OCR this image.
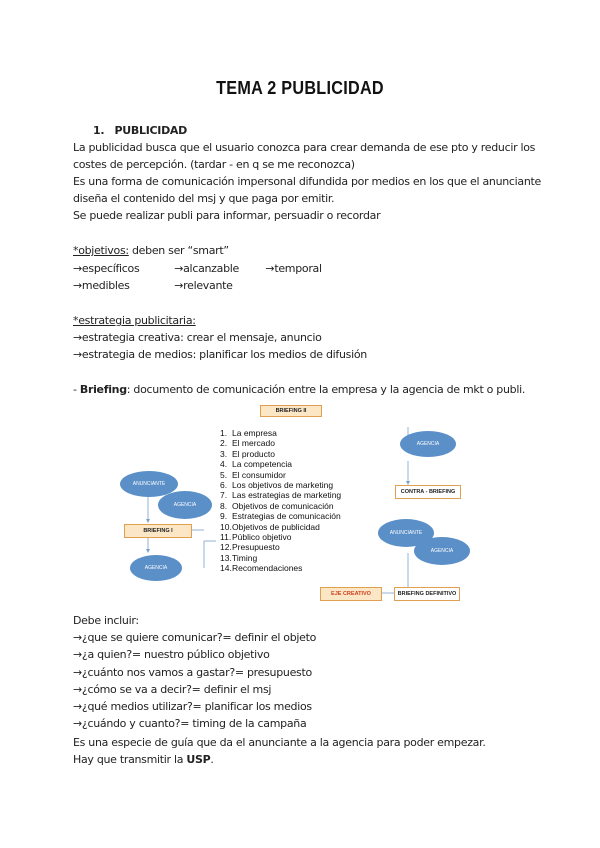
TEMA 2 PUBLICIDAD
1. PUBLICIDAD
La publicidad busca que el usuario conozca para crear demanda de ese pto y reducir los
costes de percepción. (tardar - en q se me reconozca)
Es una forma de comunicación impersonal difundida por medios en los que el anunciante
diseña el contenido del msj y que paga por emitir.
Se puede realizar publi para informar, persuadir o recordar
*objetivos: deben ser “smart”
→específicos	→alcanzable →temporal
→medibles	→relevante
*estrategia publicitaria:
→estrategia creativa: crear el mensaje, anuncio
→estrategia de medios: planificar los medios de difusión
- Briefing: documento de comunicación entre la empresa y la agencia de mkt o publi.
BRIEFING II
1. La empresa
2. El mercado
3. El producto
4. La competencia
5. El consumidor
6. Los objetivos de marketing
7. Las estrategias de marketing
8. Objetivos de comunicación
9. Estrategias de comunicación
10.Objetivos de publicidad
11.Público objetivo
12.Presupuesto
13.Timing
14.Recomendaciones
ANUNCIANTE
AGENCIA
BRIEFING I
AGENCIA
AGENCIA
CONTRA - BRIEFING
ANUNCIANTE
AGENCIA
EJE CREATIVO	BRIEFING DEFINITIVO
Debe incluir:
→¿que se quiere comunicar?= definir el objeto
→¿a quien?= nuestro público objetivo
→¿cuánto nos vamos a gastar?= presupuesto
→¿cómo se va a decir?= definir el msj
→¿qué medios utilizar?= planificar los medios
→¿cuándo y cuanto?= timing de la campaña
Es una especie de guía que da el anunciante a la agencia para poder empezar.
Hay que transmitir la USP.
